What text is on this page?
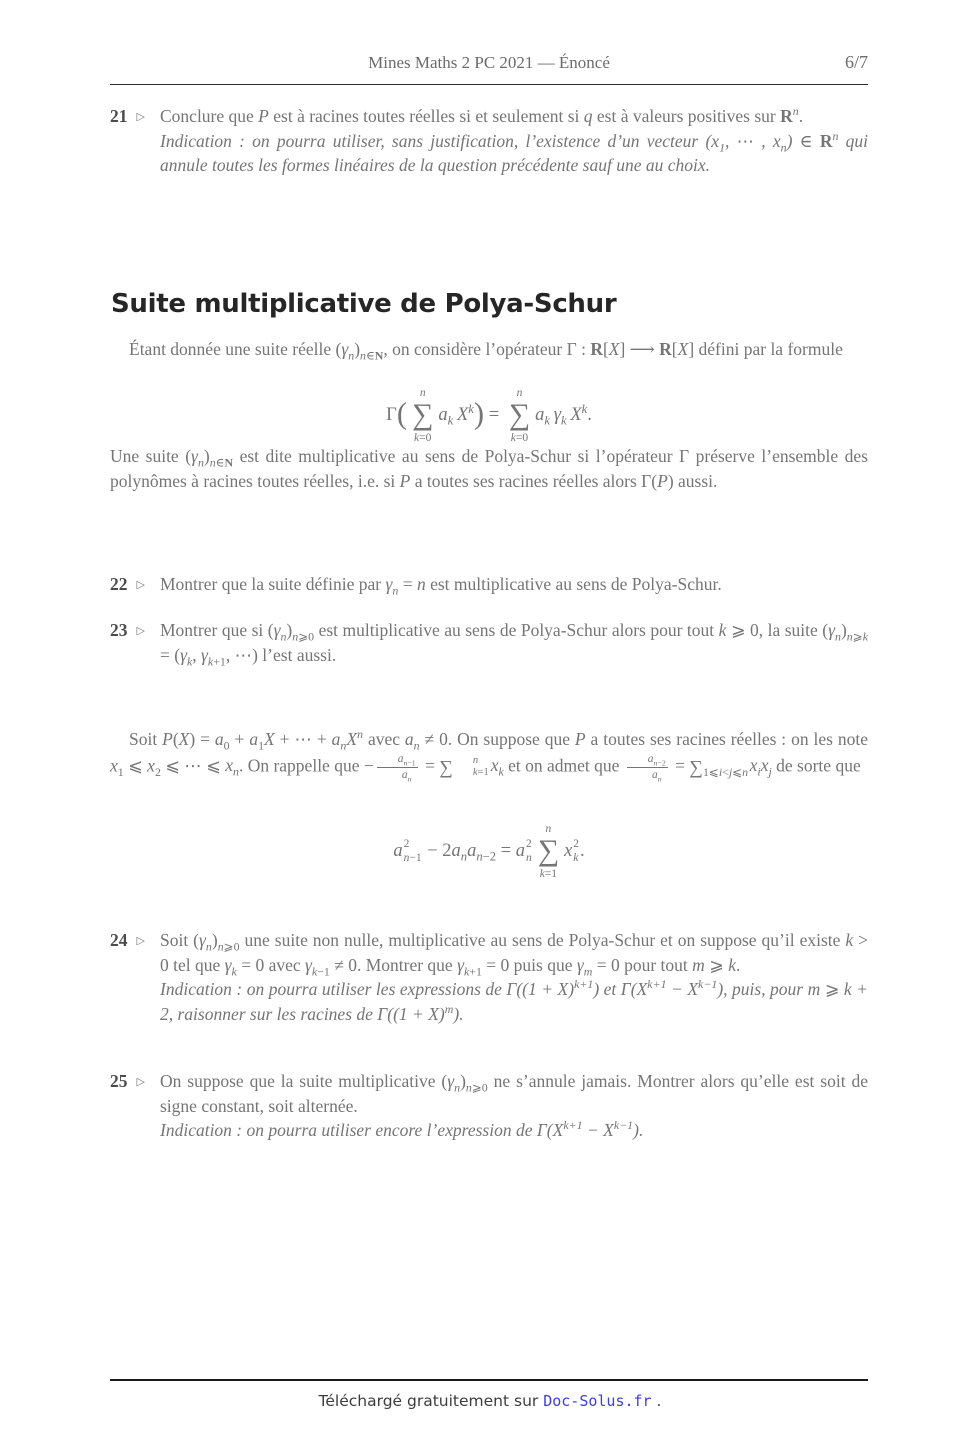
Mines Maths 2 PC 2021 — Énoncé	6/7
21 ▷ Conclure que P est à racines toutes réelles si et seulement si q est à valeurs positives sur $R^n$.
Indication : on pourra utiliser, sans justification, l’existence d’un vecteur ($x_1$, ⋯ , $x_n$) ∈ $R^n$ qui annule toutes les formes linéaires de la question précédente sauf une au choix.
Suite multiplicative de Polya-Schur
Étant donnée une suite réelle $(\gamma_n)_{n\in N}$, on considère l’opérateur Γ : R[X] ⟶ R[X] défini par la formule
Γ(
n
∑
k=0
$a_k$  $X^k$) =
n
∑
k=0
$a_k$  $\gamma_k$  $X^k$.
Une suite $(\gamma_n)_{n\in N}$ est dite multiplicative au sens de Polya-Schur si l’opérateur Γ préserve l’ensemble des polynômes à racines toutes réelles, i.e. si P a toutes ses racines réelles alors Γ(P) aussi.
22 ▷ Montrer que la suite définie par $\gamma_n = n$ est multiplicative au sens de Polya-Schur.
23 ▷ Montrer que si $(\gamma_n)_{n⩾0}$ est multiplicative au sens de Polya-Schur alors pour tout k ⩾ 0, la suite $(\gamma_n)_{n⩾k} = (\gamma_k$, $\gamma_{k+1}$, ⋯) l’est aussi.
Soit $P(X) = a_0 + a_1X$ + ⋯ + $a_nX^n$ avec $a_n \ne 0$. On suppose que P a toutes ses racines réelles : on les note $x_1$ ⩽ $x_2$ ⩽ ⋯ ⩽ $x_n$. On rappelle que − $\frac{a_{n-1}}{a_n}$ = ∑	n
k=1 $x_k$ et on admet que $\frac{a_{n-2}}{a_n} = \sum_{1⩽i<j⩽n}$ $x_ix_j$ de sorte que
a 2
$n-1 - 2a_na_{n-2} = a$ 2
n
n
∑
k=1
x 2
k .
24 ▷ Soit $(\gamma_n)_{n⩾0}$ une suite non nulle, multiplicative au sens de Polya-Schur et on suppose qu’il existe k > 0 tel que $\gamma_k = 0$ avec $\gamma_{k-1} \ne 0$. Montrer que $\gamma_{k+1} = 0$ puis que $\gamma_m = 0$ pour tout m ⩾ k.
Indication : on pourra utiliser les expressions de $\Gamma((1 + X)^{k+1})$ et $\Gamma(X^{k+1} - X^{k-1})$, puis, pour m ⩾ k + 2, raisonner sur les racines de $\Gamma((1 + X)^m)$.
25 ▷ On suppose que la suite multiplicative $(\gamma_n)_{n⩾0}$ ne s’annule jamais. Montrer alors qu’elle est soit de signe constant, soit alternée.
Indication : on pourra utiliser encore l’expression de $\Gamma(X^{k+1} - X^{k-1})$.
Téléchargé gratuitement sur Doc-Solus.fr .
